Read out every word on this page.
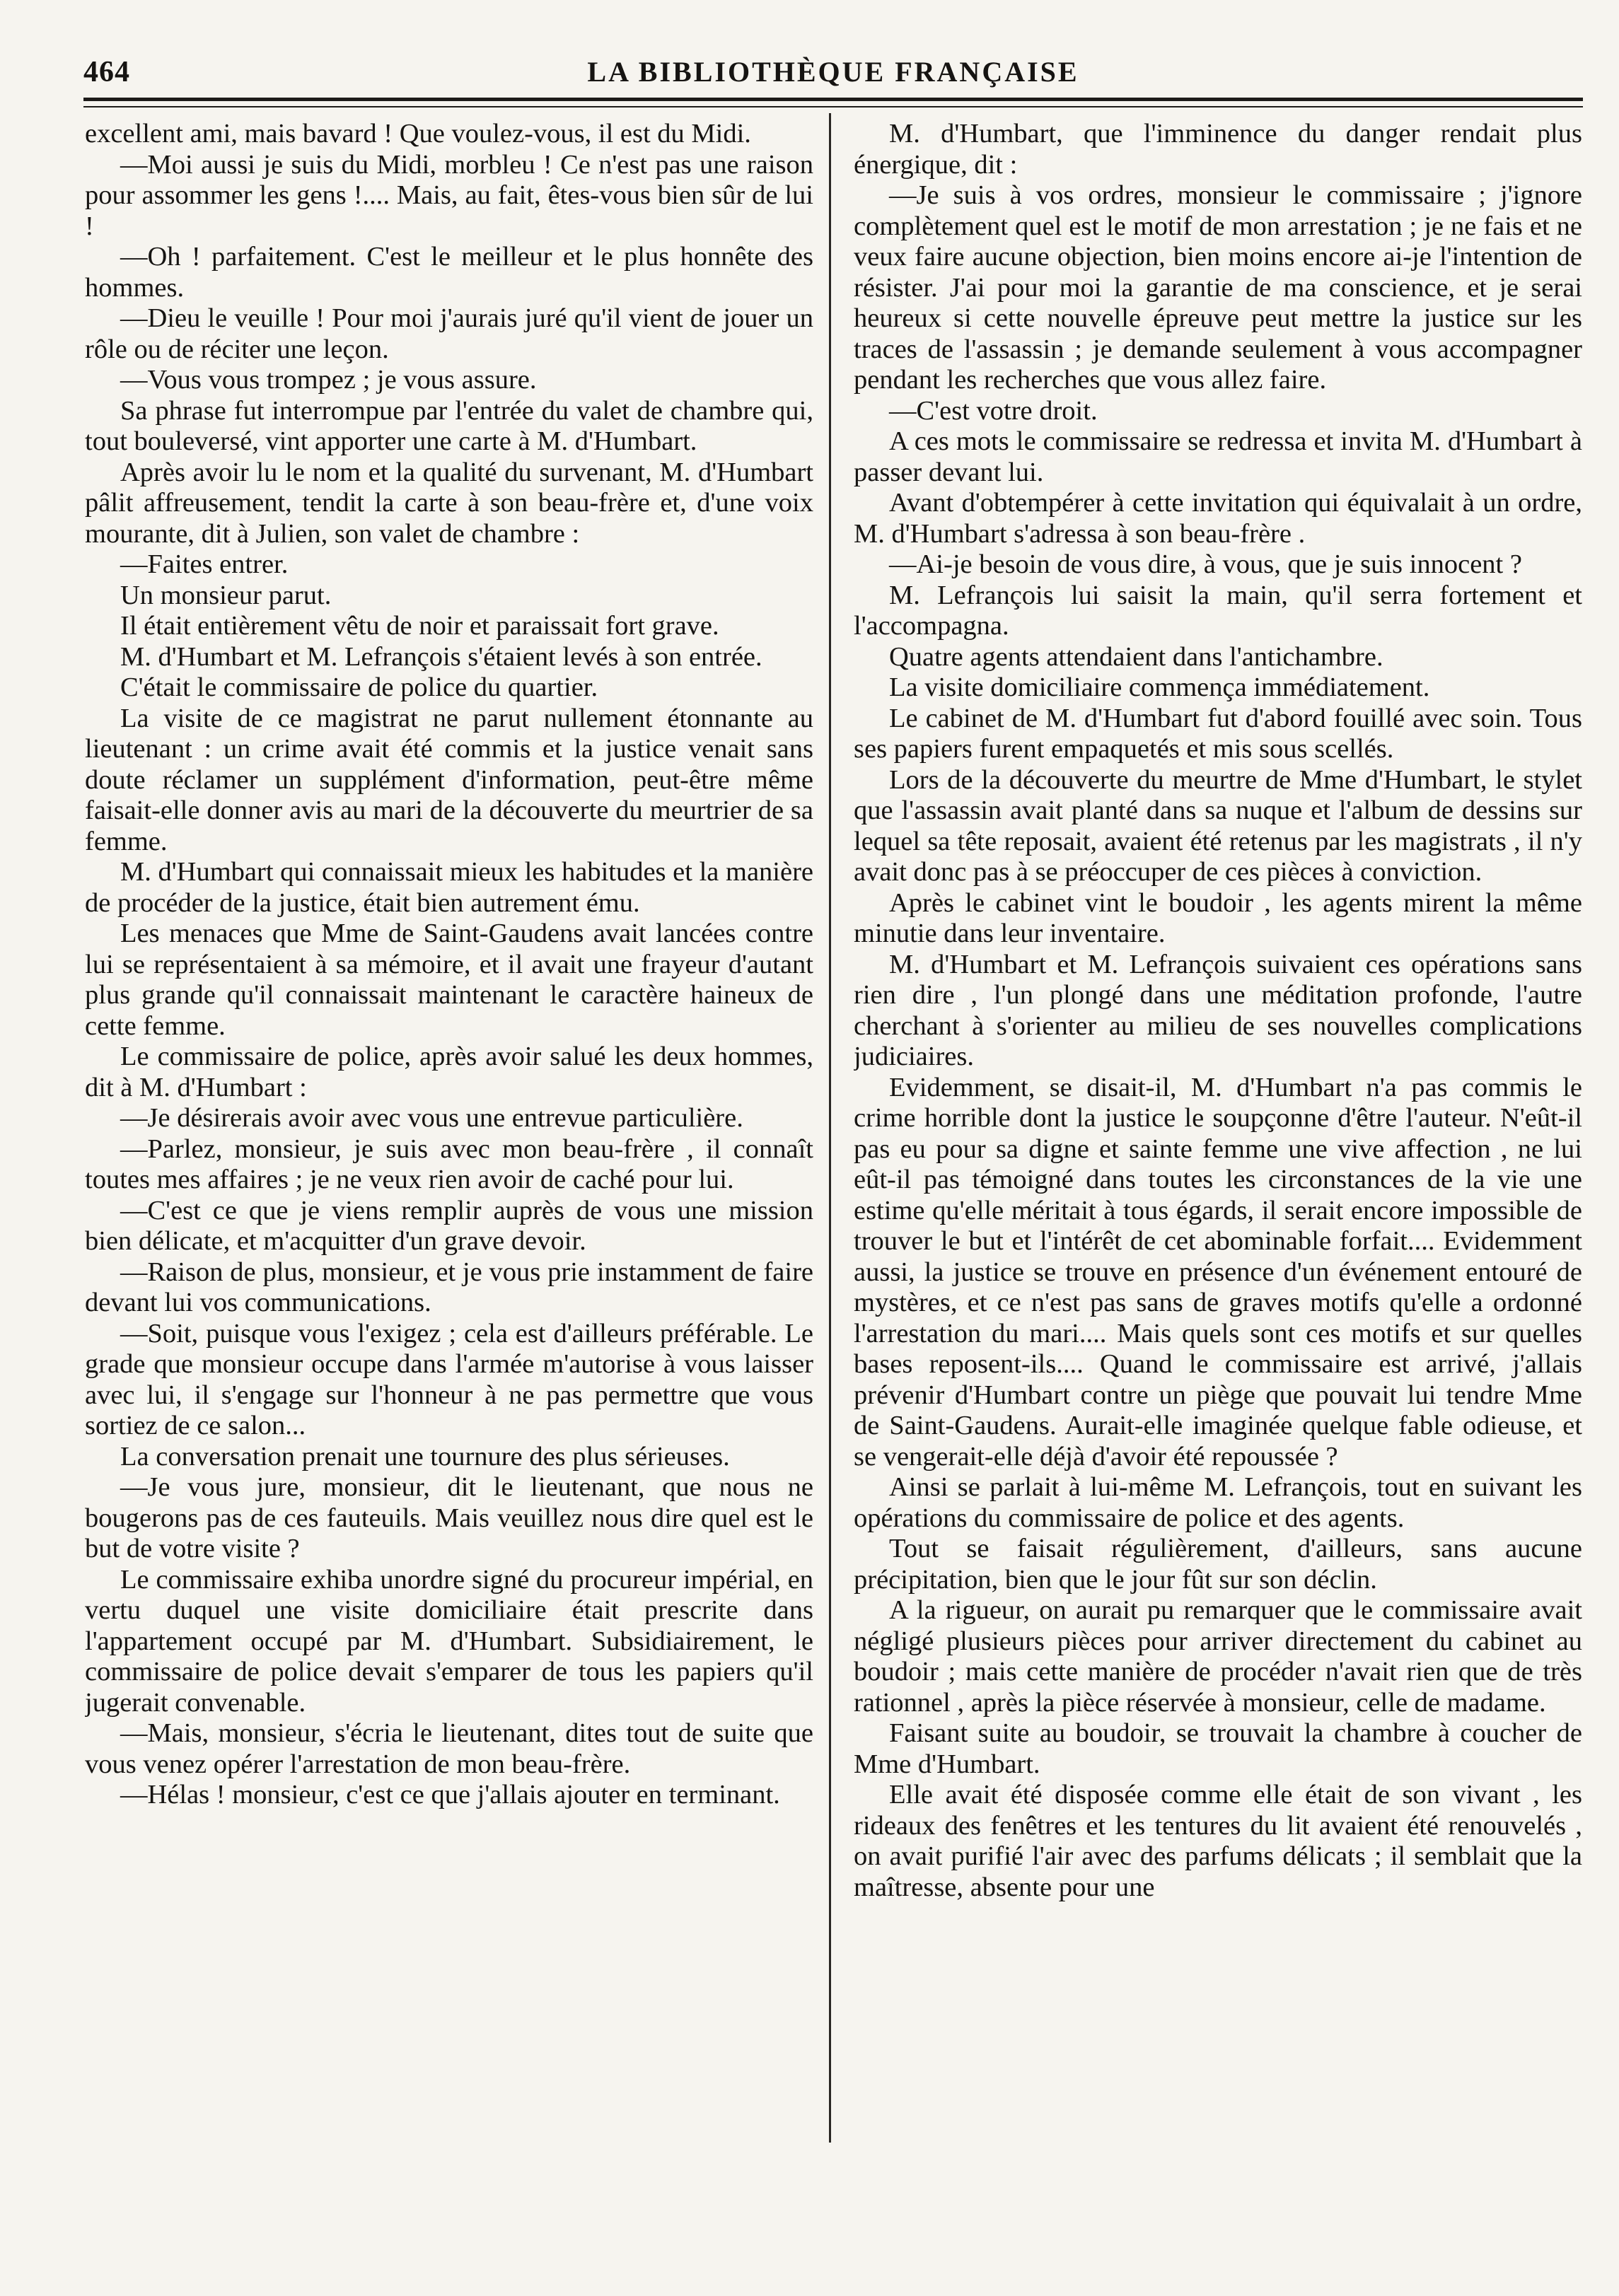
464	LA BIBLIOTHÈQUE FRANÇAISE

excellent ami, mais bavard ! Que voulez-vous, il est du Midi.

—Moi aussi je suis du Midi, morbleu ! Ce n'est pas une raison pour assommer les gens !.... Mais, au fait, êtes-vous bien sûr de lui !

—Oh ! parfaitement. C'est le meilleur et le plus honnête des hommes.

—Dieu le veuille ! Pour moi j'aurais juré qu'il vient de jouer un rôle ou de réciter une leçon.

—Vous vous trompez ; je vous assure.

Sa phrase fut interrompue par l'entrée du valet de chambre qui, tout bouleversé, vint apporter une carte à M. d'Humbart.

Après avoir lu le nom et la qualité du survenant, M. d'Humbart pâlit affreusement, tendit la carte à son beau-frère et, d'une voix mourante, dit à Julien, son valet de chambre :

—Faites entrer.

Un monsieur parut.

Il était entièrement vêtu de noir et paraissait fort grave.

M. d'Humbart et M. Lefrançois s'étaient levés à son entrée.

C'était le commissaire de police du quartier.

La visite de ce magistrat ne parut nullement étonnante au lieutenant : un crime avait été commis et la justice venait sans doute réclamer un supplément d'information, peut-être même faisait-elle donner avis au mari de la découverte du meurtrier de sa femme.

M. d'Humbart qui connaissait mieux les habitudes et la manière de procéder de la justice, était bien autrement ému.

Les menaces que Mme de Saint-Gaudens avait lancées contre lui se représentaient à sa mémoire, et il avait une frayeur d'autant plus grande qu'il connaissait maintenant le caractère haineux de cette femme.

Le commissaire de police, après avoir salué les deux hommes, dit à M. d'Humbart :

—Je désirerais avoir avec vous une entrevue particulière.

—Parlez, monsieur, je suis avec mon beau-frère , il connaît toutes mes affaires ; je ne veux rien avoir de caché pour lui.

—C'est ce que je viens remplir auprès de vous une mission bien délicate, et m'acquitter d'un grave devoir.

—Raison de plus, monsieur, et je vous prie instamment de faire devant lui vos communications.

—Soit, puisque vous l'exigez ; cela est d'ailleurs préférable. Le grade que monsieur occupe dans l'armée m'autorise à vous laisser avec lui, il s'engage sur l'honneur à ne pas permettre que vous sortiez de ce salon...

La conversation prenait une tournure des plus sérieuses.

—Je vous jure, monsieur, dit le lieutenant, que nous ne bougerons pas de ces fauteuils. Mais veuillez nous dire quel est le but de votre visite ?

Le commissaire exhiba unordre signé du procureur impérial, en vertu duquel une visite domiciliaire était prescrite dans l'appartement occupé par M. d'Humbart. Subsidiairement, le commissaire de police devait s'emparer de tous les papiers qu'il jugerait convenable.

—Mais, monsieur, s'écria le lieutenant, dites tout de suite que vous venez opérer l'arrestation de mon beau-frère.

—Hélas ! monsieur, c'est ce que j'allais ajouter en terminant.

M. d'Humbart, que l'imminence du danger rendait plus énergique, dit :

—Je suis à vos ordres, monsieur le commissaire ; j'ignore complètement quel est le motif de mon arrestation ; je ne fais et ne veux faire aucune objection, bien moins encore ai-je l'intention de résister. J'ai pour moi la garantie de ma conscience, et je serai heureux si cette nouvelle épreuve peut mettre la justice sur les traces de l'assassin ; je demande seulement à vous accompagner pendant les recherches que vous allez faire.

—C'est votre droit.

A ces mots le commissaire se redressa et invita M. d'Humbart à passer devant lui.

Avant d'obtempérer à cette invitation qui équivalait à un ordre, M. d'Humbart s'adressa à son beau-frère .

—Ai-je besoin de vous dire, à vous, que je suis innocent ?

M. Lefrançois lui saisit la main, qu'il serra fortement et l'accompagna.

Quatre agents attendaient dans l'antichambre.

La visite domiciliaire commença immédiatement.

Le cabinet de M. d'Humbart fut d'abord fouillé avec soin. Tous ses papiers furent empaquetés et mis sous scellés.

Lors de la découverte du meurtre de Mme d'Humbart, le stylet que l'assassin avait planté dans sa nuque et l'album de dessins sur lequel sa tête reposait, avaient été retenus par les magistrats , il n'y avait donc pas à se préoccuper de ces pièces à conviction.

Après le cabinet vint le boudoir , les agents mirent la même minutie dans leur inventaire.

M. d'Humbart et M. Lefrançois suivaient ces opérations sans rien dire , l'un plongé dans une méditation profonde, l'autre cherchant à s'orienter au milieu de ses nouvelles complications judiciaires.

Evidemment, se disait-il, M. d'Humbart n'a pas commis le crime horrible dont la justice le soupçonne d'être l'auteur. N'eût-il pas eu pour sa digne et sainte femme une vive affection , ne lui eût-il pas témoigné dans toutes les circonstances de la vie une estime qu'elle méritait à tous égards, il serait encore impossible de trouver le but et l'intérêt de cet abominable forfait.... Evidemment aussi, la justice se trouve en présence d'un événement entouré de mystères, et ce n'est pas sans de graves motifs qu'elle a ordonné l'arrestation du mari.... Mais quels sont ces motifs et sur quelles bases reposent-ils.... Quand le commissaire est arrivé, j'allais prévenir d'Humbart contre un piège que pouvait lui tendre Mme de Saint-Gaudens. Aurait-elle imaginée quelque fable odieuse, et se vengerait-elle déjà d'avoir été repoussée ?

Ainsi se parlait à lui-même M. Lefrançois, tout en suivant les opérations du commissaire de police et des agents.

Tout se faisait régulièrement, d'ailleurs, sans aucune précipitation, bien que le jour fût sur son déclin.

A la rigueur, on aurait pu remarquer que le commissaire avait négligé plusieurs pièces pour arriver directement du cabinet au boudoir ; mais cette manière de procéder n'avait rien que de très rationnel , après la pièce réservée à monsieur, celle de madame.

Faisant suite au boudoir, se trouvait la chambre à coucher de Mme d'Humbart.

Elle avait été disposée comme elle était de son vivant , les rideaux des fenêtres et les tentures du lit avaient été renouvelés , on avait purifié l'air avec des parfums délicats ; il semblait que la maîtresse, absente pour une
